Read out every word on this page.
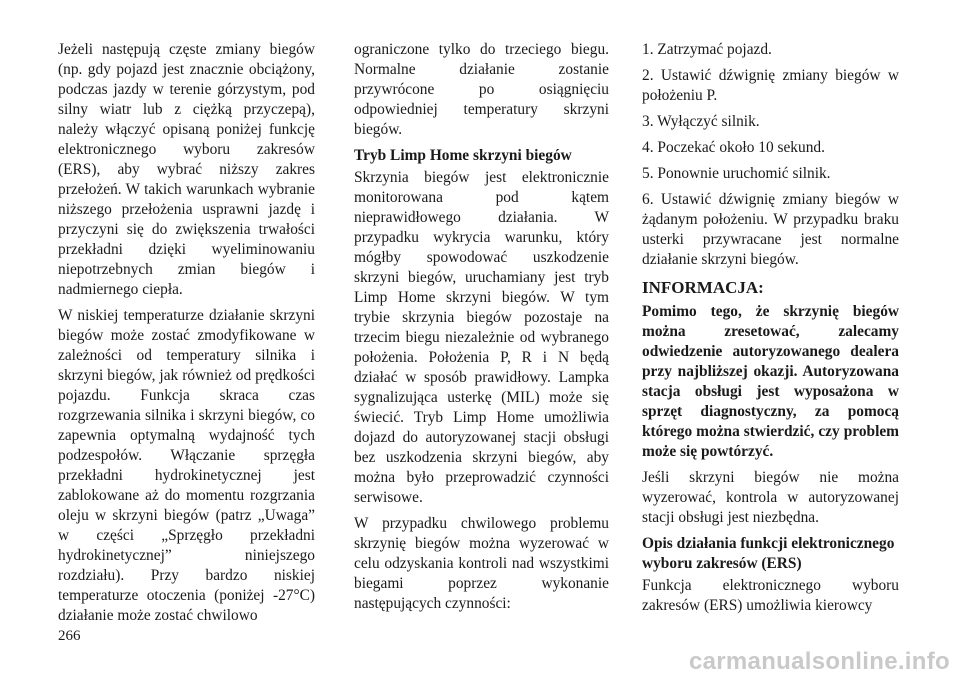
Jeżeli następują częste zmiany biegów (np. gdy pojazd jest znacznie obciążony, podczas jazdy w terenie górzystym, pod silny wiatr lub z ciężką przyczepą), należy włączyć opisaną poniżej funkcję elektronicznego wyboru zakresów (ERS), aby wybrać niższy zakres przełożeń. W takich warunkach wybranie niższego przełożenia usprawni jazdę i przyczyni się do zwiększenia trwałości przekładni dzięki wyeliminowaniu niepotrzebnych zmian biegów i nadmiernego ciepła.

W niskiej temperaturze działanie skrzyni biegów może zostać zmodyfikowane w zależności od temperatury silnika i skrzyni biegów, jak również od prędkości pojazdu. Funkcja skraca czas rozgrzewania silnika i skrzyni biegów, co zapewnia optymalną wydajność tych podzespołów. Włączanie sprzęgła przekładni hydrokinetycznej jest zablokowane aż do momentu rozgrzania oleju w skrzyni biegów (patrz „Uwaga” w części „Sprzęgło przekładni hydrokinetycznej” niniejszego rozdziału). Przy bardzo niskiej temperaturze otoczenia (poniżej -27°C) działanie może zostać chwilowo

ograniczone tylko do trzeciego biegu. Normalne działanie zostanie przywrócone po osiągnięciu odpowiedniej temperatury skrzyni biegów.

Tryb Limp Home skrzyni biegów

Skrzynia biegów jest elektronicznie monitorowana pod kątem nieprawidłowego działania. W przypadku wykrycia warunku, który mógłby spowodować uszkodzenie skrzyni biegów, uruchamiany jest tryb Limp Home skrzyni biegów. W tym trybie skrzynia biegów pozostaje na trzecim biegu niezależnie od wybranego położenia. Położenia P, R i N będą działać w sposób prawidłowy. Lampka sygnalizująca usterkę (MIL) może się świecić. Tryb Limp Home umożliwia dojazd do autoryzowanej stacji obsługi bez uszkodzenia skrzyni biegów, aby można było przeprowadzić czynności serwisowe.

W przypadku chwilowego problemu skrzynię biegów można wyzerować w celu odzyskania kontroli nad wszystkimi biegami poprzez wykonanie następujących czynności:

1. Zatrzymać pojazd.
2. Ustawić dźwignię zmiany biegów w położeniu P.
3. Wyłączyć silnik.
4. Poczekać około 10 sekund.
5. Ponownie uruchomić silnik.
6. Ustawić dźwignię zmiany biegów w żądanym położeniu. W przypadku braku usterki przywracane jest normalne działanie skrzyni biegów.
INFORMACJA:

Pomimo tego, że skrzynię biegów można zresetować, zalecamy odwiedzenie autoryzowanego dealera przy najbliższej okazji. Autoryzowana stacja obsługi jest wyposażona w sprzęt diagnostyczny, za pomocą którego można stwierdzić, czy problem może się powtórzyć.

Jeśli skrzyni biegów nie można wyzerować, kontrola w autoryzowanej stacji obsługi jest niezbędna.

Opis działania funkcji elektronicznego wyboru zakresów (ERS)

Funkcja elektronicznego wyboru zakresów (ERS) umożliwia kierowcy

266
carmanualsonline.info
